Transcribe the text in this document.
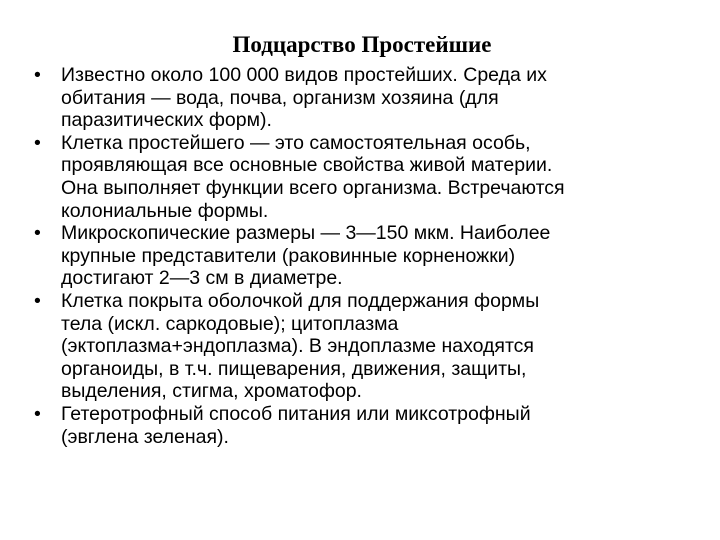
Подцарство Простейшие
•	Известно около 100 000 видов простейших. Среда их
обитания — вода, почва, организм хозяина (для
паразитических форм).
•	Клетка простейшего — это самостоятельная особь,
проявляющая все основные свойства живой материи.
Она выполняет функции всего организма. Встречаются
колониальные формы.
•	Микроскопические размеры — 3—150 мкм. Наиболее
крупные представители (раковинные корненожки)
достигают 2—3 см в диаметре.
•	Клетка покрыта оболочкой для поддержания формы
тела (искл. саркодовые); цитоплазма
(эктоплазма+эндоплазма). В эндоплазме находятся
органоиды, в т.ч. пищеварения, движения, защиты,
выделения, стигма, хроматофор.
•	Гетеротрофный способ питания или миксотрофный
(эвглена зеленая).
